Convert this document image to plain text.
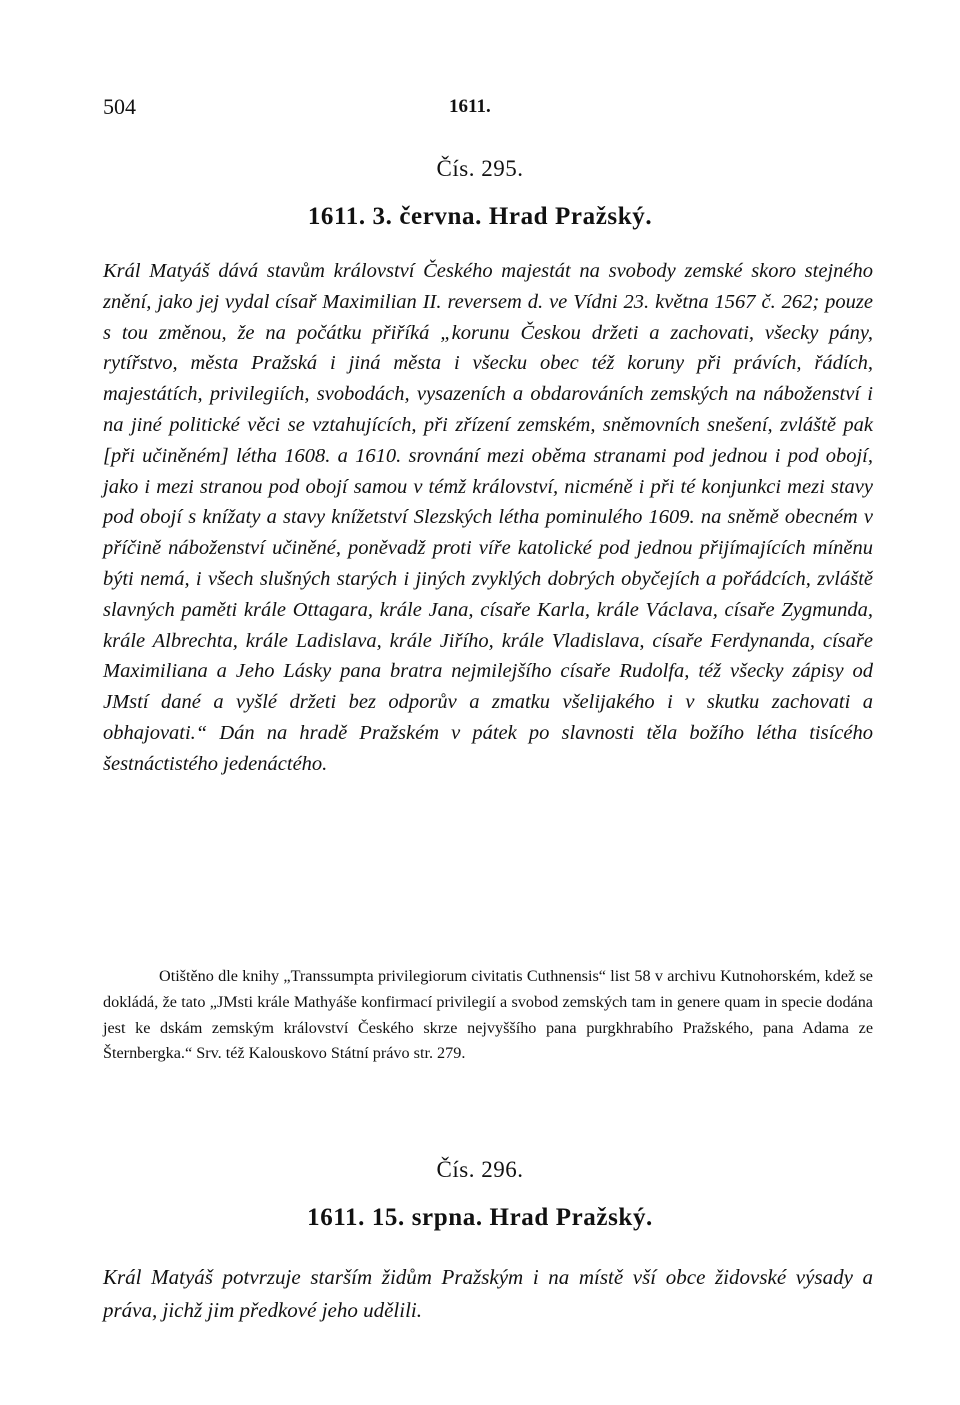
504	1611.
Čís. 295.
1611. 3. června. Hrad Pražský.

Král Matyáš dává stavům království Českého majestát na svobody zemské skoro stejného znění, jako jej vydal císař Maximilian II. reversem d. ve Vídni 23. května 1567 č. 262; pouze s tou změnou, že na počátku přiříká „korunu Českou držeti a zachovati, všecky pány, rytířstvo, města Pražská i jiná města i všecku obec též koruny při právích, řádích, majestátích, privilegiích, svobodách, vysazeních a obdarováních zemských na náboženství i na jiné politické věci se vztahujících, při zřízení zemském, sněmovních snešení, zvláště pak [při učiněném] létha 1608. a 1610. srovnání mezi oběma stranami pod jednou i pod obojí, jako i mezi stranou pod obojí samou v témž království, nicméně i při té konjunkci mezi stavy pod obojí s knížaty a stavy knížetství Slezských létha pominulého 1609. na sněmě obecném v příčině náboženství učiněné, poněvadž proti víře katolické pod jednou přijímajících míněnu býti nemá, i všech slušných starých i jiných zvyklých dobrých obyčejích a pořádcích, zvláště slavných paměti krále Ottagara, krále Jana, císaře Karla, krále Václava, císaře Zygmunda, krále Albrechta, krále Ladislava, krále Jiřího, krále Vladislava, císaře Ferdynanda, císaře Maximiliana a Jeho Lásky pana bratra nejmilejšího císaře Rudolfa, též všecky zápisy od JMstí dané a vyšlé držeti bez odporův a zmatku všelijakého i v skutku zachovati a obhajovati.“ Dán na hradě Pražském v pátek po slavnosti těla božího létha tisícého šestnáctistého jedenáctého.

Otištěno dle knihy „Transsumpta privilegiorum civitatis Cuthnensis“ list 58 v archivu Kutnohorském, kdež se dokládá, že tato „JMsti krále Mathyáše konfirmací privilegií a svobod zemských tam in genere quam in specie dodána jest ke dskám zemským království Českého skrze nejvyššího pana purgkhrabího Pražského, pana Adama ze Šternbergka.“ Srv. též Kalouskovo Státní právo str. 279.

Čís. 296.
1611. 15. srpna. Hrad Pražský.

Král Matyáš potvrzuje starším židům Pražským i na místě vší obce židovské výsady a práva, jichž jim předkové jeho udělili.
